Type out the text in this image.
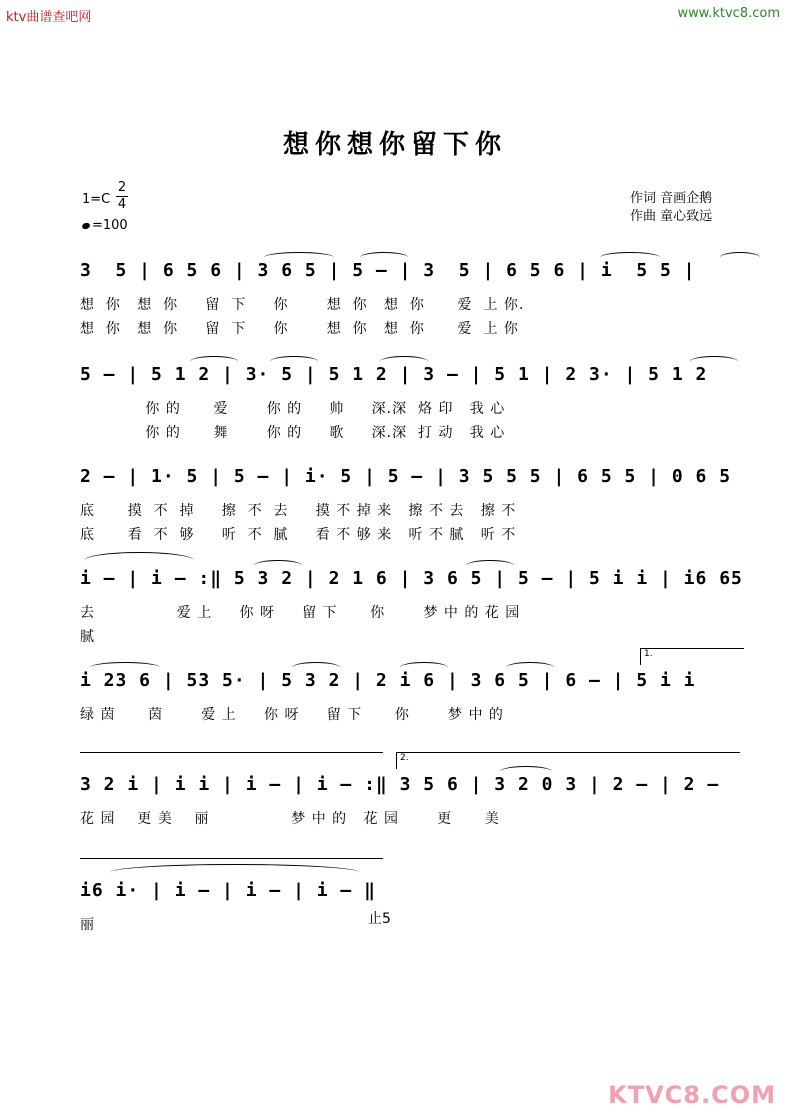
ktv曲谱查吧网	www.ktvc8.com
KTVC8.COM
想你想你留下你
1=C
2
4
=100
作词 音画企鹅
作曲 童心致远
3  5 | 6 5 6 | 3 6 5 | 5 — | 3  5 | 6 5 6 | i  5 5 |
想  你   想  你     留  下     你       想  你   想  你      爱  上 你.
想  你   想  你     留  下     你       想  你   想  你      爱  上 你
5 — | 5 1 2 | 3· 5 | 5 1 2 | 3 — | 5 1 | 2 3· | 5 1 2
你 的      爱       你 的     帅     深.深  烙 印   我 心
你 的      舞       你 的     歌     深.深  打 动   我 心
2 — | 1· 5 | 5 — | i· 5 | 5 — | 3 5 5 5 | 6 5 5 | 0 6 5
底      摸  不  掉     擦  不  去     摸 不 掉 来   擦 不 去   擦 不
底      看  不  够     听  不  腻     看 不 够 来   听 不 腻   听 不
i — | i — :‖ 5 3 2 | 2 1 6 | 3 6 5 | 5 — | 5 i i | i6 65
去               爱 上     你 呀     留 下      你       梦 中 的 花 园
腻
1.
i 23 6 | 53 5· | 5 3 2 | 2 i 6 | 3 6 5 | 6 — | 5 i i
绿 茵      茵       爱 上     你 呀     留 下      你       梦 中 的
2.
3 2 i | i i | i — | i — :‖ 3 5 6 | 3 2 0 3 | 2 — | 2 —
花 园    更 美    丽               梦 中 的   花 园       更      美
i6 i· | i — | i — | i — ‖
丽	止5
